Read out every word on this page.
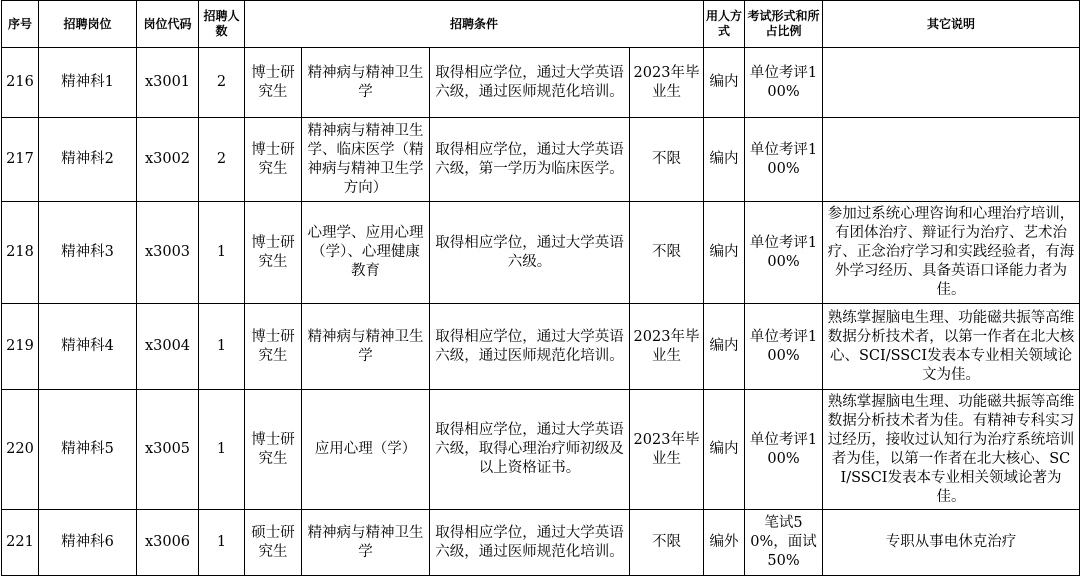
序号	招聘岗位	岗位代码	招聘人数	招聘条件				用人方式	考试形式和所占比例	其它说明
216	精神科1	x3001	2	博士研究生	精神病与精神卫生学	取得相应学位，通过大学英语六级，通过医师规范化培训。	2023年毕业生	编内	单位考评100%	
217	精神科2	x3002	2	博士研究生	精神病与精神卫生学、临床医学（精神病与精神卫生学方向）	取得相应学位，通过大学英语六级，第一学历为临床医学。	不限	编内	单位考评100%	
218	精神科3	x3003	1	博士研究生	心理学、应用心理（学）、心理健康教育	取得相应学位，通过大学英语六级。	不限	编内	单位考评100%	参加过系统心理咨询和心理治疗培训，有团体治疗、辩证行为治疗、艺术治疗、正念治疗学习和实践经验者，有海外学习经历、具备英语口译能力者为佳。
219	精神科4	x3004	1	博士研究生	精神病与精神卫生学	取得相应学位，通过大学英语六级，通过医师规范化培训。	2023年毕业生	编内	单位考评100%	熟练掌握脑电生理、功能磁共振等高维数据分析技术者，以第一作者在北大核心、SCI/SSCI发表本专业相关领域论文为佳。
220	精神科5	x3005	1	博士研究生	应用心理（学）	取得相应学位，通过大学英语六级，取得心理治疗师初级及以上资格证书。	2023年毕业生	编内	单位考评100%	熟练掌握脑电生理、功能磁共振等高维数据分析技术者为佳。有精神专科实习过经历，接收过认知行为治疗系统培训者为佳，以第一作者在北大核心、SCI/SSCI发表本专业相关领域论著为佳。
221	精神科6	x3006	1	硕士研究生	精神病与精神卫生学	取得相应学位，通过大学英语六级，通过医师规范化培训。	不限	编外	笔试50%，面试50%	专职从事电休克治疗
